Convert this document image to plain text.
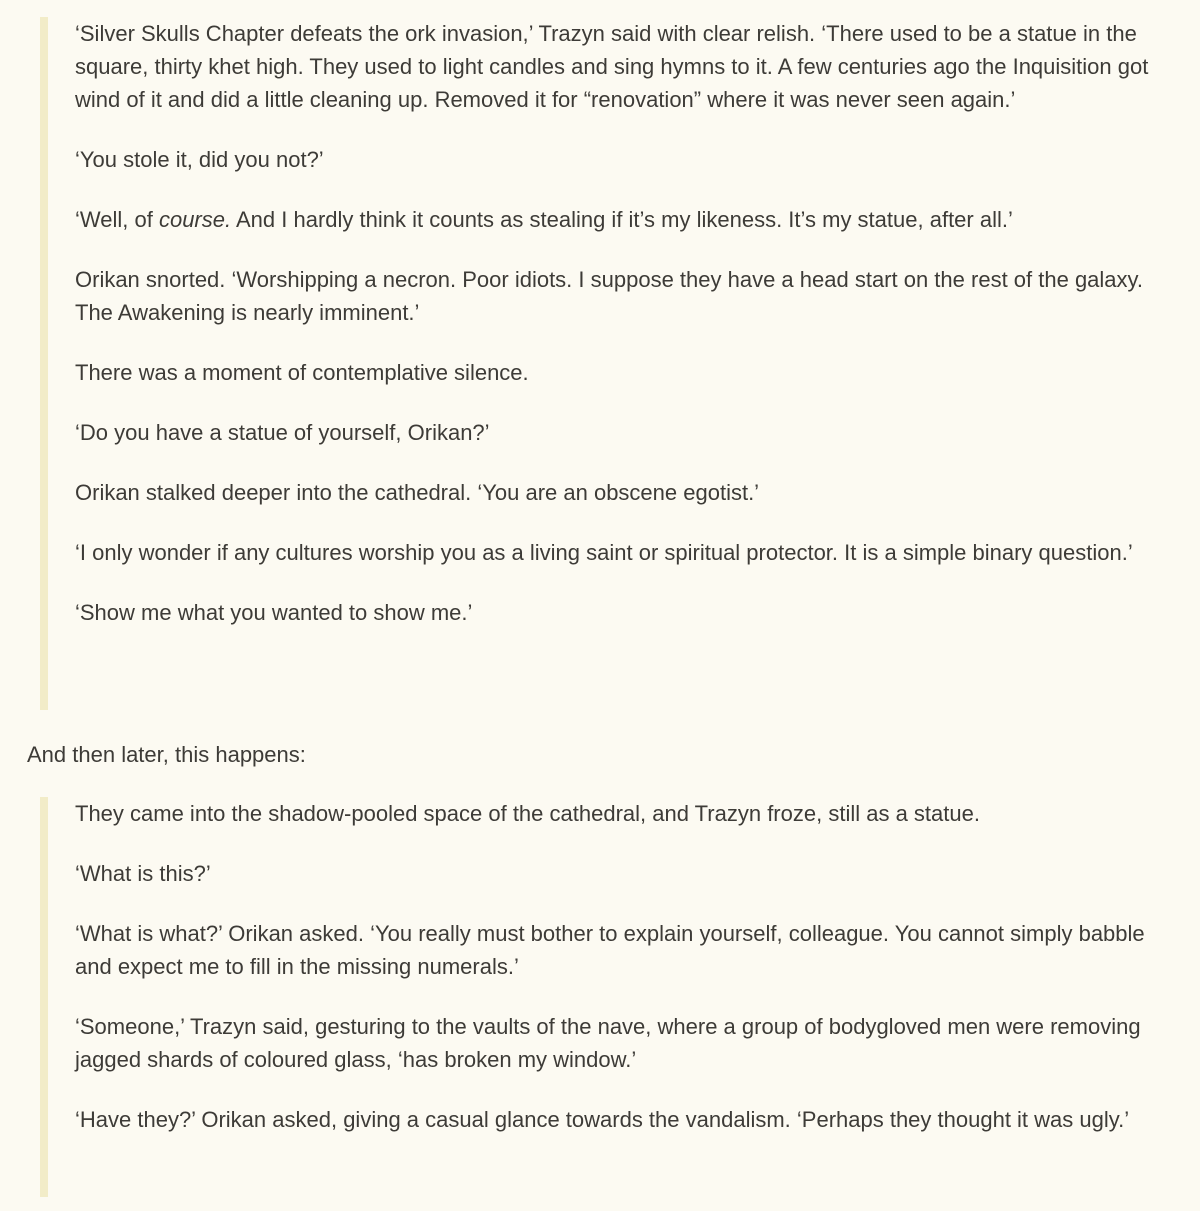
‘Silver Skulls Chapter defeats the ork invasion,’ Trazyn said with clear relish. ‘There used to be a statue in the square, thirty khet high. They used to light candles and sing hymns to it. A few centuries ago the Inquisition got wind of it and did a little cleaning up. Removed it for “renovation” where it was never seen again.’

‘You stole it, did you not?’

‘Well, of course. And I hardly think it counts as stealing if it’s my likeness. It’s my statue, after all.’

Orikan snorted. ‘Worshipping a necron. Poor idiots. I suppose they have a head start on the rest of the galaxy. The Awakening is nearly imminent.’

There was a moment of contemplative silence.

‘Do you have a statue of yourself, Orikan?’

Orikan stalked deeper into the cathedral. ‘You are an obscene egotist.’

‘I only wonder if any cultures worship you as a living saint or spiritual protector. It is a simple binary question.’

‘Show me what you wanted to show me.’

And then later, this happens:

They came into the shadow-pooled space of the cathedral, and Trazyn froze, still as a statue.

‘What is this?’

‘What is what?’ Orikan asked. ‘You really must bother to explain yourself, colleague. You cannot simply babble and expect me to fill in the missing numerals.’

‘Someone,’ Trazyn said, gesturing to the vaults of the nave, where a group of bodygloved men were removing jagged shards of coloured glass, ‘has broken my window.’

‘Have they?’ Orikan asked, giving a casual glance towards the vandalism. ‘Perhaps they thought it was ugly.’
